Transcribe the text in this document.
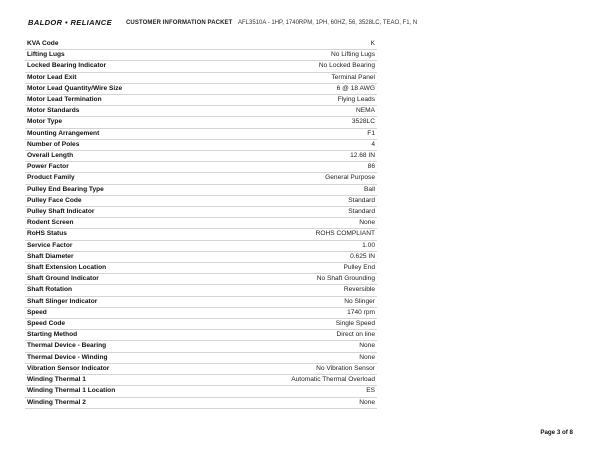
BALDOR • RELIANCE	CUSTOMER INFORMATION PACKET AFL3510A - 1HP, 1740RPM, 1PH, 60HZ, 56, 3528LC, TEAO, F1, N
KVA Code	K
Lifting Lugs	No Lifting Lugs
Locked Bearing Indicator	No Locked Bearing
Motor Lead Exit	Terminal Panel
Motor Lead Quantity/Wire Size	6 @ 18 AWG
Motor Lead Termination	Flying Leads
Motor Standards	NEMA
Motor Type	3528LC
Mounting Arrangement	F1
Number of Poles	4
Overall Length	12.68 IN
Power Factor	86
Product Family	General Purpose
Pulley End Bearing Type	Ball
Pulley Face Code	Standard
Pulley Shaft Indicator	Standard
Rodent Screen	None
RoHS Status	ROHS COMPLIANT
Service Factor	1.00
Shaft Diameter	0.625 IN
Shaft Extension Location	Pulley End
Shaft Ground Indicator	No Shaft Grounding
Shaft Rotation	Reversible
Shaft Slinger Indicator	No Slinger
Speed	1740 rpm
Speed Code	Single Speed
Starting Method	Direct on line
Thermal Device - Bearing	None
Thermal Device - Winding	None
Vibration Sensor Indicator	No Vibration Sensor
Winding Thermal 1	Automatic Thermal Overload
Winding Thermal 1 Location	ES
Winding Thermal 2	None
Page 3 of 8
